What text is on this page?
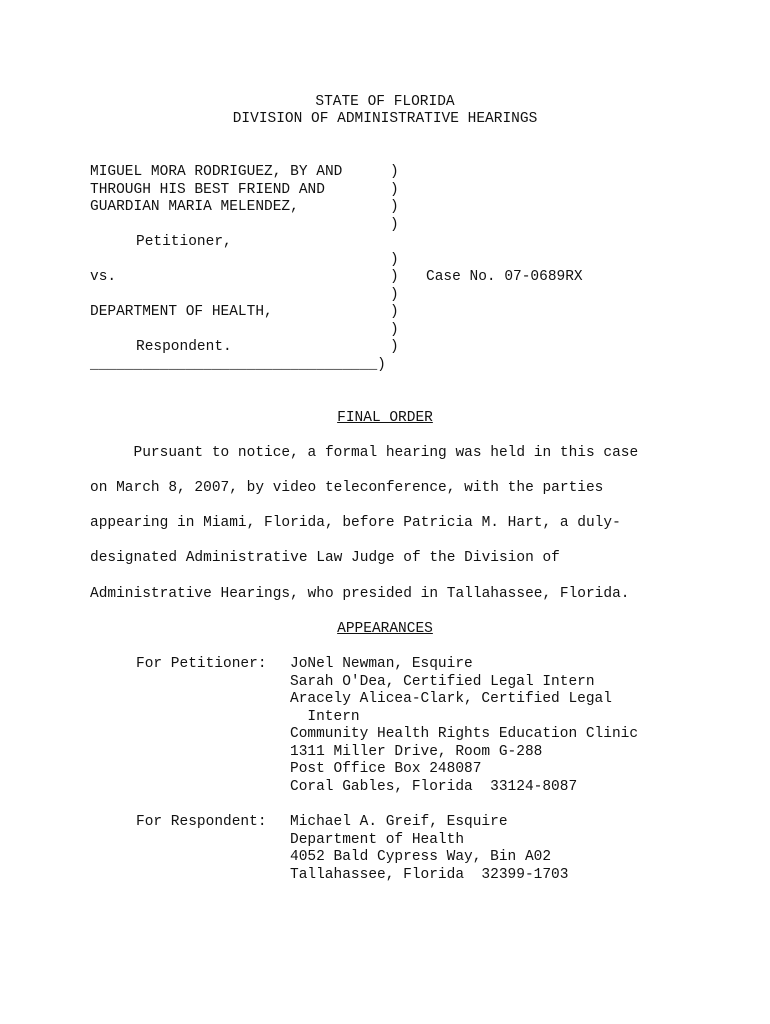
STATE OF FLORIDA
DIVISION OF ADMINISTRATIVE HEARINGS
MIGUEL MORA RODRIGUEZ, BY AND
THROUGH HIS BEST FRIEND AND
GUARDIAN MARIA MELENDEZ,
Petitioner,
vs.
DEPARTMENT OF HEALTH,
Respondent.
_________________________________)
)
)
)
)
)
)
)
)
)
)
Case No. 07-0689RX
FINAL ORDER
Pursuant to notice, a formal hearing was held in this case
on March 8, 2007, by video teleconference, with the parties
appearing in Miami, Florida, before Patricia M. Hart, a duly-
designated Administrative Law Judge of the Division of
Administrative Hearings, who presided in Tallahassee, Florida.
APPEARANCES
For Petitioner: JoNel Newman, Esquire
Sarah O'Dea, Certified Legal Intern
Aracely Alicea-Clark, Certified Legal
Intern
Community Health Rights Education Clinic
1311 Miller Drive, Room G-288
Post Office Box 248087
Coral Gables, Florida  33124-8087
For Respondent: Michael A. Greif, Esquire
Department of Health
4052 Bald Cypress Way, Bin A02
Tallahassee, Florida  32399-1703
